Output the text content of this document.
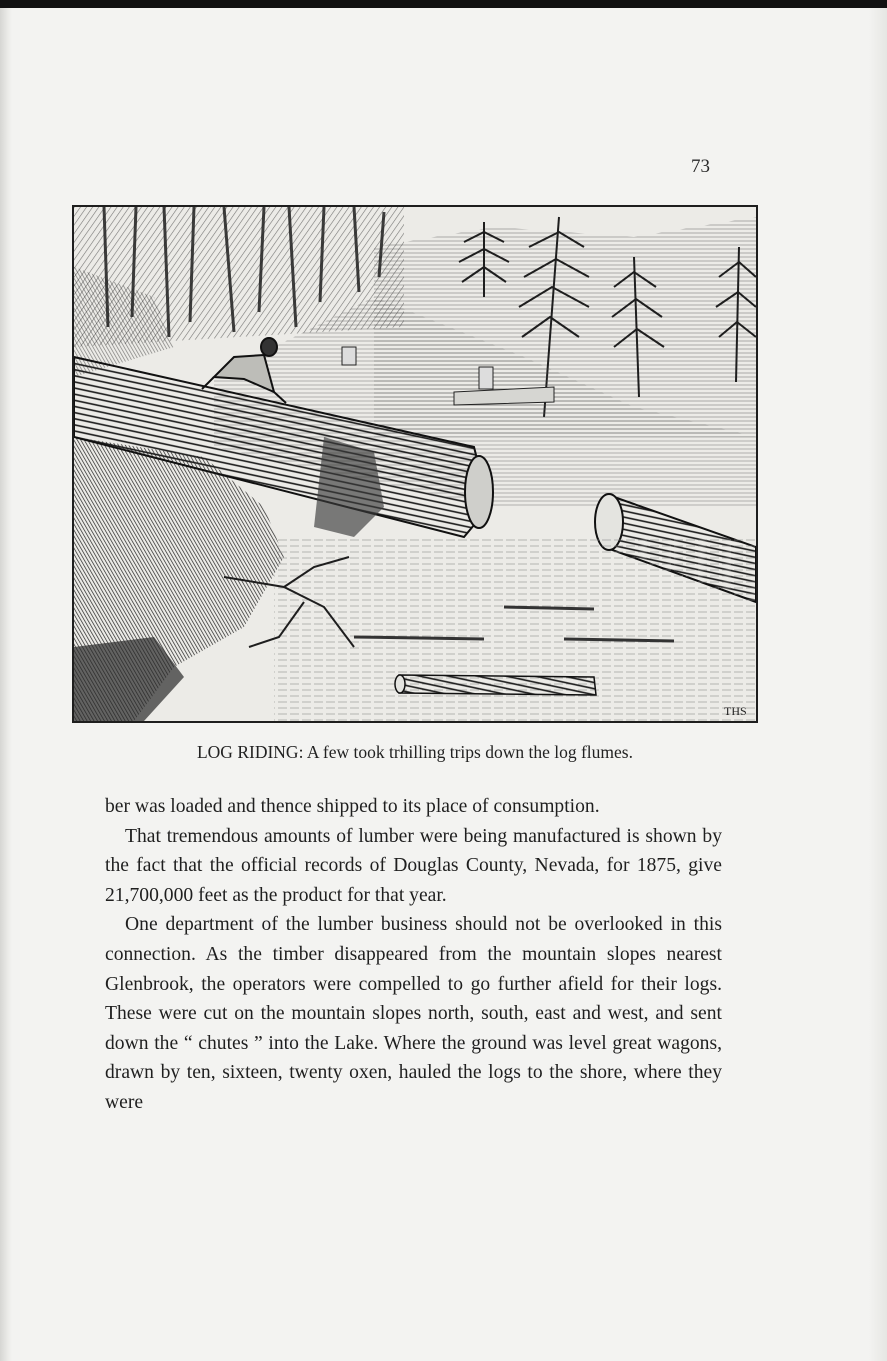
73
THS
LOG RIDING: A few took trhilling trips down the log flumes.

ber was loaded and thence shipped to its place of consumption.

That tremendous amounts of lumber were being manufactured is shown by the fact that the official records of Douglas County, Nevada, for 1875, give 21,700,000 feet as the product for that year.

One department of the lumber business should not be overlooked in this connection. As the timber disappeared from the mountain slopes nearest Glenbrook, the operators were compelled to go further afield for their logs. These were cut on the mountain slopes north, south, east and west, and sent down the “ chutes ” into the Lake. Where the ground was level great wagons, drawn by ten, sixteen, twenty oxen, hauled the logs to the shore, where they were
